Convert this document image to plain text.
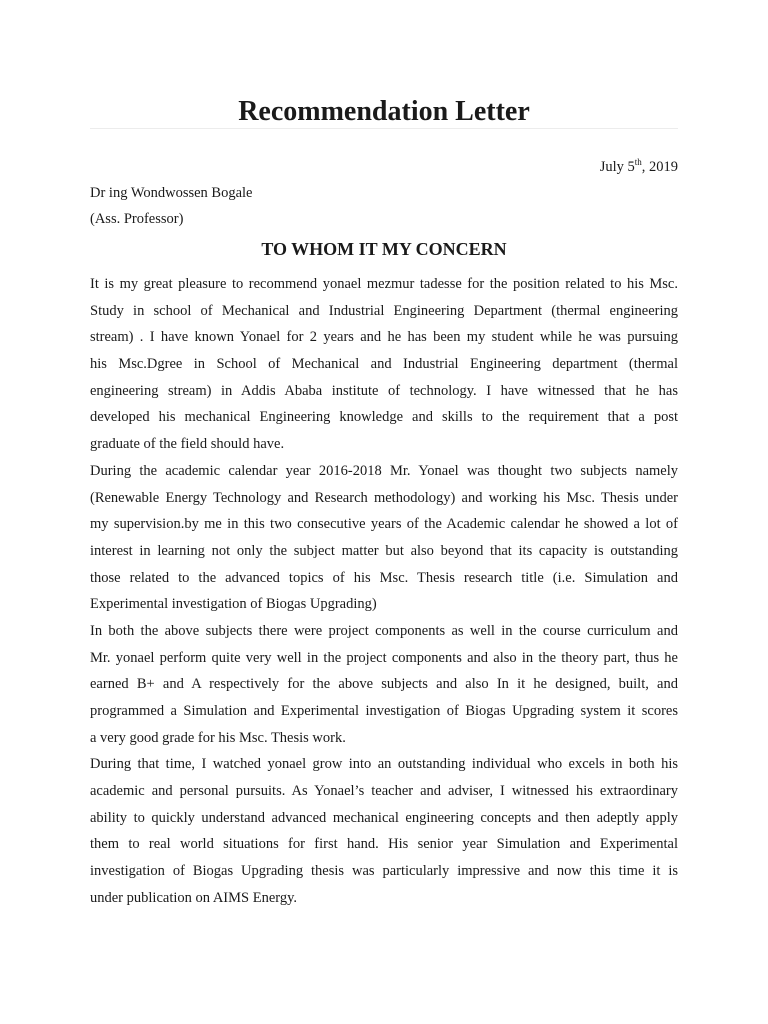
Recommendation Letter
July 5th, 2019
Dr ing Wondwossen Bogale
(Ass. Professor)
TO WHOM IT MY CONCERN

It is my great pleasure to recommend yonael mezmur tadesse for the position related to his Msc.
Study in school of Mechanical and Industrial Engineering Department (thermal engineering
stream) . I have known Yonael for 2 years and he has been my student while he was pursuing
his Msc.Dgree in School of Mechanical and Industrial Engineering department (thermal
engineering stream) in Addis Ababa institute of technology. I have witnessed that he has
developed his mechanical Engineering knowledge and skills to the requirement that a post
graduate of the field should have.

During the academic calendar year 2016-2018 Mr. Yonael was thought two subjects namely
(Renewable Energy Technology and Research methodology) and working his Msc. Thesis under
my supervision.by me in this two consecutive years of the Academic calendar he showed a lot of
interest in learning not only the subject matter but also beyond that its capacity is outstanding
those related to the advanced topics of his Msc. Thesis research title (i.e. Simulation and
Experimental investigation of Biogas Upgrading)

In both the above subjects there were project components as well in the course curriculum and
Mr. yonael perform quite very well in the project components and also in the theory part, thus he
earned B+ and A respectively for the above subjects and also In it he designed, built, and
programmed a Simulation and Experimental investigation of Biogas Upgrading system it scores
a very good grade for his Msc. Thesis work.

During that time, I watched yonael grow into an outstanding individual who excels in both his
academic and personal pursuits. As Yonael’s teacher and adviser, I witnessed his extraordinary
ability to quickly understand advanced mechanical engineering concepts and then adeptly apply
them to real world situations for first hand. His senior year Simulation and Experimental
investigation of Biogas Upgrading thesis was particularly impressive and now this time it is
under publication on AIMS Energy.
